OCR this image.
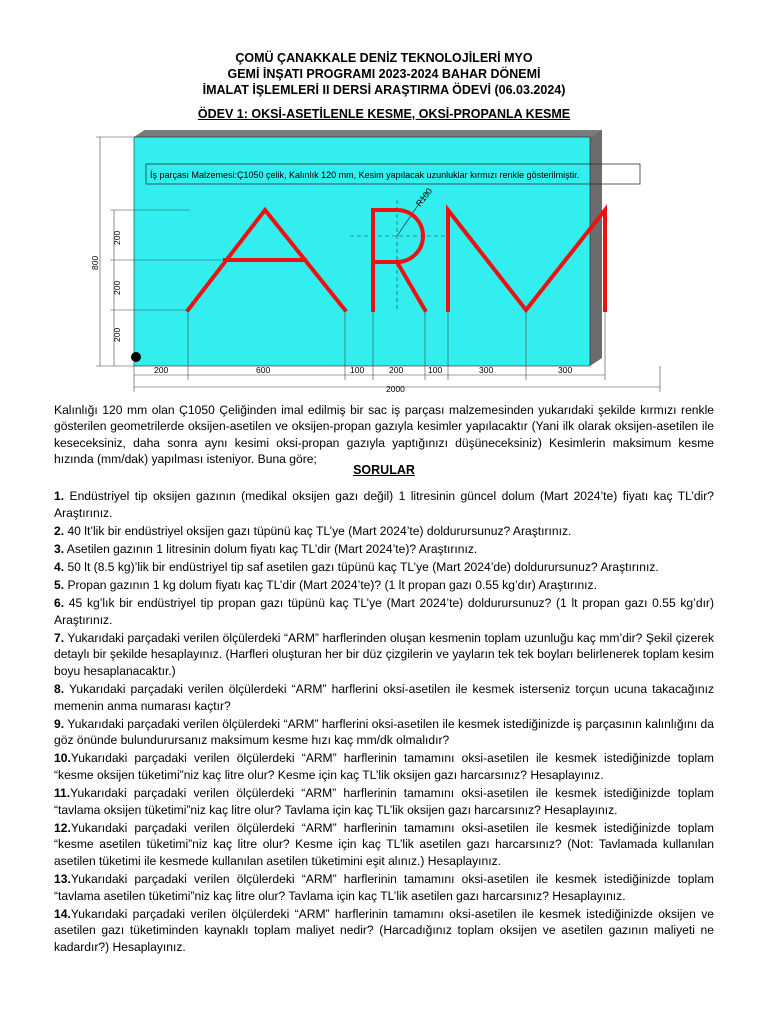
ÇOMÜ ÇANAKKALE DENİZ TEKNOLOJİLERİ MYO
GEMİ İNŞATI PROGRAMI 2023-2024 BAHAR DÖNEMİ
İMALAT İŞLEMLERİ II DERSİ ARAŞTIRMA ÖDEVİ (06.03.2024)
ÖDEV 1: OKSİ-ASETİLENLE KESME, OKSİ-PROPANLA KESME
İş parçası Malzemesi:Ç1050 çelik, Kalınlık 120 mm, Kesim yapılacak uzunluklar kırmızı renkle gösterilmiştir.
R100
800
200
200
200
200	600	100	200	100	300	300
2000
Kalınlığı 120 mm olan Ç1050 Çeliğinden imal edilmiş bir sac iş parçası malzemesinden yukarıdaki şekilde kırmızı renkle gösterilen geometrilerde oksijen-asetilen ve oksijen-propan gazıyla kesimler yapılacaktır (Yani ilk olarak oksijen-asetilen ile keseceksiniz, daha sonra aynı kesimi oksi-propan gazıyla yaptığınızı düşüneceksiniz) Kesimlerin maksimum kesme hızında (mm/dak) yapılması isteniyor. Buna göre;
SORULAR

1. Endüstriyel tip oksijen gazının (medikal oksijen gazı değil) 1 litresinin güncel dolum (Mart 2024’te) fiyatı kaç TL’dir? Araştırınız.

2. 40 lt’lik bir endüstriyel oksijen gazı tüpünü kaç TL’ye (Mart 2024’te) doldurursunuz? Araştırınız.

3. Asetilen gazının 1 litresinin dolum fiyatı kaç TL’dir (Mart 2024’te)? Araştırınız.

4. 50 lt (8.5 kg)’lik bir endüstriyel tip saf asetilen gazı tüpünü kaç TL’ye (Mart 2024’de) doldurursunuz? Araştırınız.

5. Propan gazının 1 kg dolum fiyatı kaç TL’dir (Mart 2024’te)? (1 lt propan gazı 0.55 kg’dır) Araştırınız.

6. 45 kg’lık bir endüstriyel tip propan gazı tüpünü kaç TL’ye (Mart 2024’te) doldurursunuz? (1 lt propan gazı 0.55 kg’dır) Araştırınız.

7. Yukarıdaki parçadaki verilen ölçülerdeki “ARM” harflerinden oluşan kesmenin toplam uzunluğu kaç mm’dir? Şekil çizerek detaylı bir şekilde hesaplayınız. (Harfleri oluşturan her bir düz çizgilerin ve yayların tek tek boyları belirlenerek toplam kesim boyu hesaplanacaktır.)

8. Yukarıdaki parçadaki verilen ölçülerdeki “ARM” harflerini oksi-asetilen ile kesmek isterseniz torçun ucuna takacağınız memenin anma numarası kaçtır?

9. Yukarıdaki parçadaki verilen ölçülerdeki “ARM” harflerini oksi-asetilen ile kesmek istediğinizde iş parçasının kalınlığını da göz önünde bulundurursanız maksimum kesme hızı kaç mm/dk olmalıdır?

10.Yukarıdaki parçadaki verilen ölçülerdeki “ARM” harflerinin tamamını oksi-asetilen ile kesmek istediğinizde toplam “kesme oksijen tüketimi”niz kaç litre olur? Kesme için kaç TL’lik oksijen gazı harcarsınız? Hesaplayınız.

11.Yukarıdaki parçadaki verilen ölçülerdeki “ARM” harflerinin tamamını oksi-asetilen ile kesmek istediğinizde toplam “tavlama oksijen tüketimi”niz kaç litre olur? Tavlama için kaç TL’lik oksijen gazı harcarsınız? Hesaplayınız.

12.Yukarıdaki parçadaki verilen ölçülerdeki “ARM” harflerinin tamamını oksi-asetilen ile kesmek istediğinizde toplam “kesme asetilen tüketimi”niz kaç litre olur? Kesme için kaç TL’lik asetilen gazı harcarsınız? (Not: Tavlamada kullanılan asetilen tüketimi ile kesmede kullanılan asetilen tüketimini eşit alınız.) Hesaplayınız.

13.Yukarıdaki parçadaki verilen ölçülerdeki “ARM” harflerinin tamamını oksi-asetilen ile kesmek istediğinizde toplam “tavlama asetilen tüketimi”niz kaç litre olur? Tavlama için kaç TL’lik asetilen gazı harcarsınız? Hesaplayınız.

14.Yukarıdaki parçadaki verilen ölçülerdeki “ARM” harflerinin tamamını oksi-asetilen ile kesmek istediğinizde oksijen ve asetilen gazı tüketiminden kaynaklı toplam maliyet nedir? (Harcadığınız toplam oksijen ve asetilen gazının maliyeti ne kadardır?) Hesaplayınız.
